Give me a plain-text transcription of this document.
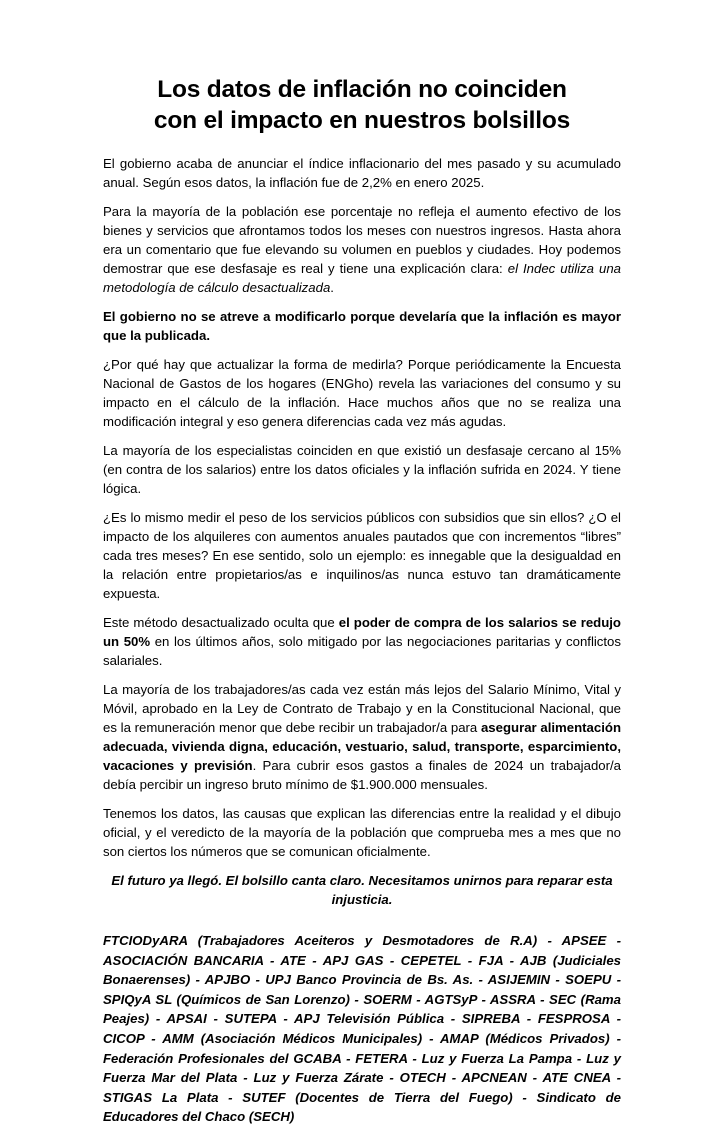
Los datos de inflación no coinciden
con el impacto en nuestros bolsillos

El gobierno acaba de anunciar el índice inflacionario del mes pasado y su acumulado anual. Según esos datos, la inflación fue de 2,2% en enero 2025.

Para la mayoría de la población ese porcentaje no refleja el aumento efectivo de los bienes y servicios que afrontamos todos los meses con nuestros ingresos. Hasta ahora era un comentario que fue elevando su volumen en pueblos y ciudades. Hoy podemos demostrar que ese desfasaje es real y tiene una explicación clara: el Indec utiliza una metodología de cálculo desactualizada.

El gobierno no se atreve a modificarlo porque develaría que la inflación es mayor que la publicada.

¿Por qué hay que actualizar la forma de medirla? Porque periódicamente la Encuesta Nacional de Gastos de los hogares (ENGho) revela las variaciones del consumo y su impacto en el cálculo de la inflación. Hace muchos años que no se realiza una modificación integral y eso genera diferencias cada vez más agudas.

La mayoría de los especialistas coinciden en que existió un desfasaje cercano al 15% (en contra de los salarios) entre los datos oficiales y la inflación sufrida en 2024. Y tiene lógica.

¿Es lo mismo medir el peso de los servicios públicos con subsidios que sin ellos? ¿O el impacto de los alquileres con aumentos anuales pautados que con incrementos “libres” cada tres meses? En ese sentido, solo un ejemplo: es innegable que la desigualdad en la relación entre propietarios/as e inquilinos/as nunca estuvo tan dramáticamente expuesta.

Este método desactualizado oculta que el poder de compra de los salarios se redujo un 50% en los últimos años, solo mitigado por las negociaciones paritarias y conflictos salariales.

La mayoría de los trabajadores/as cada vez están más lejos del Salario Mínimo, Vital y Móvil, aprobado en la Ley de Contrato de Trabajo y en la Constitucional Nacional, que es la remuneración menor que debe recibir un trabajador/a para asegurar alimentación adecuada, vivienda digna, educación, vestuario, salud, transporte, esparcimiento, vacaciones y previsión. Para cubrir esos gastos a finales de 2024 un trabajador/a debía percibir un ingreso bruto mínimo de $1.900.000 mensuales.

Tenemos los datos, las causas que explican las diferencias entre la realidad y el dibujo oficial, y el veredicto de la mayoría de la población que comprueba mes a mes que no son ciertos los números que se comunican oficialmente.

El futuro ya llegó. El bolsillo canta claro. Necesitamos unirnos para reparar esta injusticia.

FTCIODyARA (Trabajadores Aceiteros y Desmotadores de R.A) - APSEE - ASOCIACIÓN BANCARIA - ATE - APJ GAS - CEPETEL - FJA - AJB (Judiciales Bonaerenses) - APJBO - UPJ Banco Provincia de Bs. As. - ASIJEMIN - SOEPU - SPIQyA SL (Químicos de San Lorenzo) - SOERM - AGTSyP - ASSRA - SEC (Rama Peajes) - APSAI - SUTEPA - APJ Televisión Pública - SIPREBA - FESPROSA - CICOP - AMM (Asociación Médicos Municipales) - AMAP (Médicos Privados) - Federación Profesionales del GCABA - FETERA - Luz y Fuerza La Pampa - Luz y Fuerza Mar del Plata - Luz y Fuerza Zárate - OTECH - APCNEAN - ATE CNEA - STIGAS La Plata - SUTEF (Docentes de Tierra del Fuego) - Sindicato de Educadores del Chaco (SECH)
